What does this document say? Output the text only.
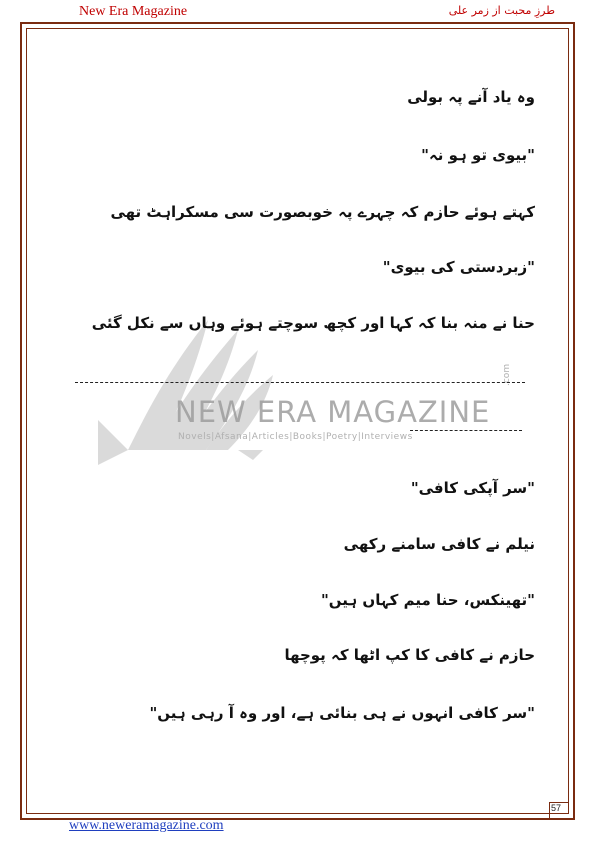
New Era Magazine	طرزِ محبت از زمر علی
NEW ERA MAGAZINE
.com
Novels|Afsana|Articles|Books|Poetry|Interviews
وہ یاد آنے پہ بولی
"بیوی تو ہو نہ"
کہتے ہوئے حازم کہ چہرے پہ خوبصورت سی مسکراہٹ تھی
"زبردستی کی بیوی"
حنا نے منہ بنا کہ کہا اور کچھ سوچتے ہوئے وہاں سے نکل گئی
"سر آپکی کافی"
نیلم نے کافی سامنے رکھی
"تھینکس، حنا میم کہاں ہیں"
حازم نے کافی کا کپ اٹھا کہ پوچھا
"سر کافی انہوں نے ہی بنائی ہے، اور وہ آ رہی ہیں"
57
www.neweramagazine.com
